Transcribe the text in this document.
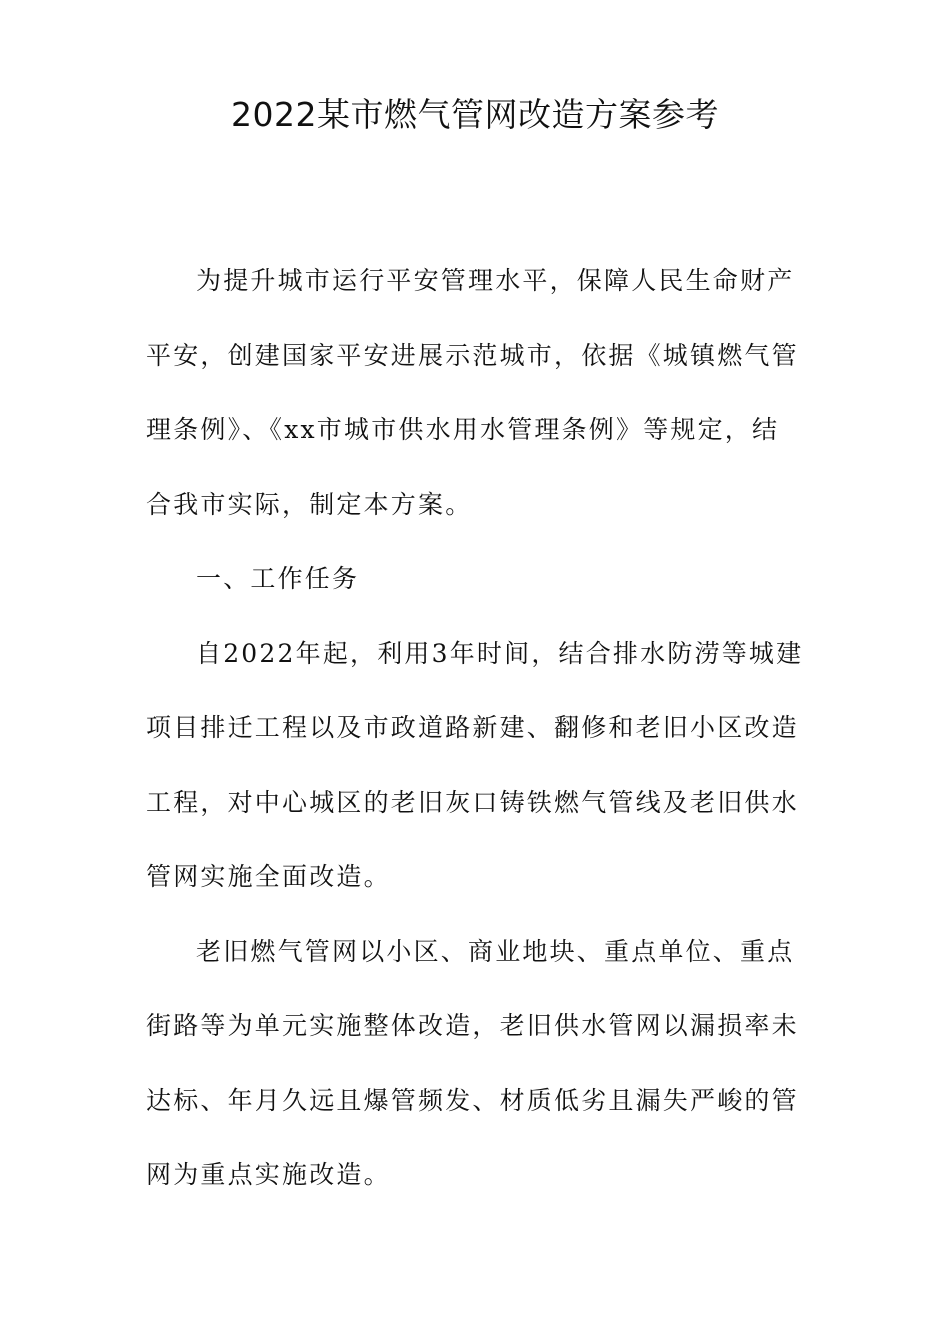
2022某市燃气管网改造方案参考

为提升城市运行平安管理水平，保障人民生命财产平安，创建国家平安进展示范城市，依据《城镇燃气管理条例》、《xx市城市供水用水管理条例》等规定，结合我市实际，制定本方案。

一、工作任务

自2022年起，利用3年时间，结合排水防涝等城建项目排迁工程以及市政道路新建、翻修和老旧小区改造工程，对中心城区的老旧灰口铸铁燃气管线及老旧供水管网实施全面改造。

老旧燃气管网以小区、商业地块、重点单位、重点街路等为单元实施整体改造，老旧供水管网以漏损率未达标、年月久远且爆管频发、材质低劣且漏失严峻的管网为重点实施改造。
